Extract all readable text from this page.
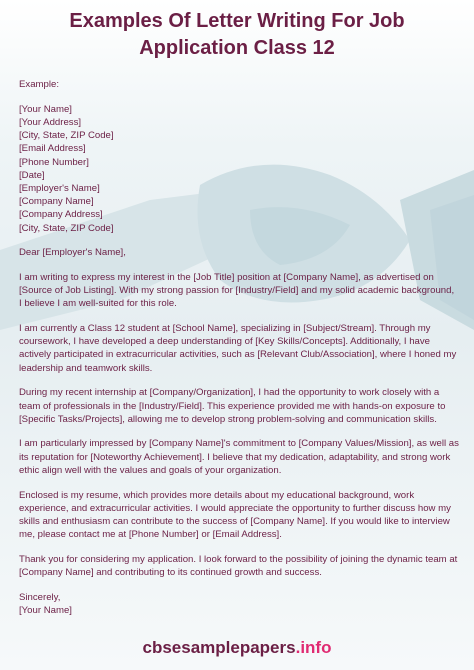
Examples Of Letter Writing For Job
Application Class 12

Example:

[Your Name]
[Your Address]
[City, State, ZIP Code]
[Email Address]
[Phone Number]
[Date]
[Employer's Name]
[Company Name]
[Company Address]
[City, State, ZIP Code]

Dear [Employer's Name],

I am writing to express my interest in the [Job Title] position at [Company Name], as advertised on [Source of Job Listing]. With my strong passion for [Industry/Field] and my solid academic background, I believe I am well-suited for this role.

I am currently a Class 12 student at [School Name], specializing in [Subject/Stream]. Through my coursework, I have developed a deep understanding of [Key Skills/Concepts]. Additionally, I have actively participated in extracurricular activities, such as [Relevant Club/Association], where I honed my leadership and teamwork skills.

During my recent internship at [Company/Organization], I had the opportunity to work closely with a team of professionals in the [Industry/Field]. This experience provided me with hands-on exposure to [Specific Tasks/Projects], allowing me to develop strong problem-solving and communication skills.

I am particularly impressed by [Company Name]'s commitment to [Company Values/Mission], as well as its reputation for [Noteworthy Achievement]. I believe that my dedication, adaptability, and strong work ethic align well with the values and goals of your organization.

Enclosed is my resume, which provides more details about my educational background, work experience, and extracurricular activities. I would appreciate the opportunity to further discuss how my skills and enthusiasm can contribute to the success of [Company Name]. If you would like to interview me, please contact me at [Phone Number] or [Email Address].

Thank you for considering my application. I look forward to the possibility of joining the dynamic team at [Company Name] and contributing to its continued growth and success.

Sincerely,
[Your Name]
cbsesamplepapers.info
